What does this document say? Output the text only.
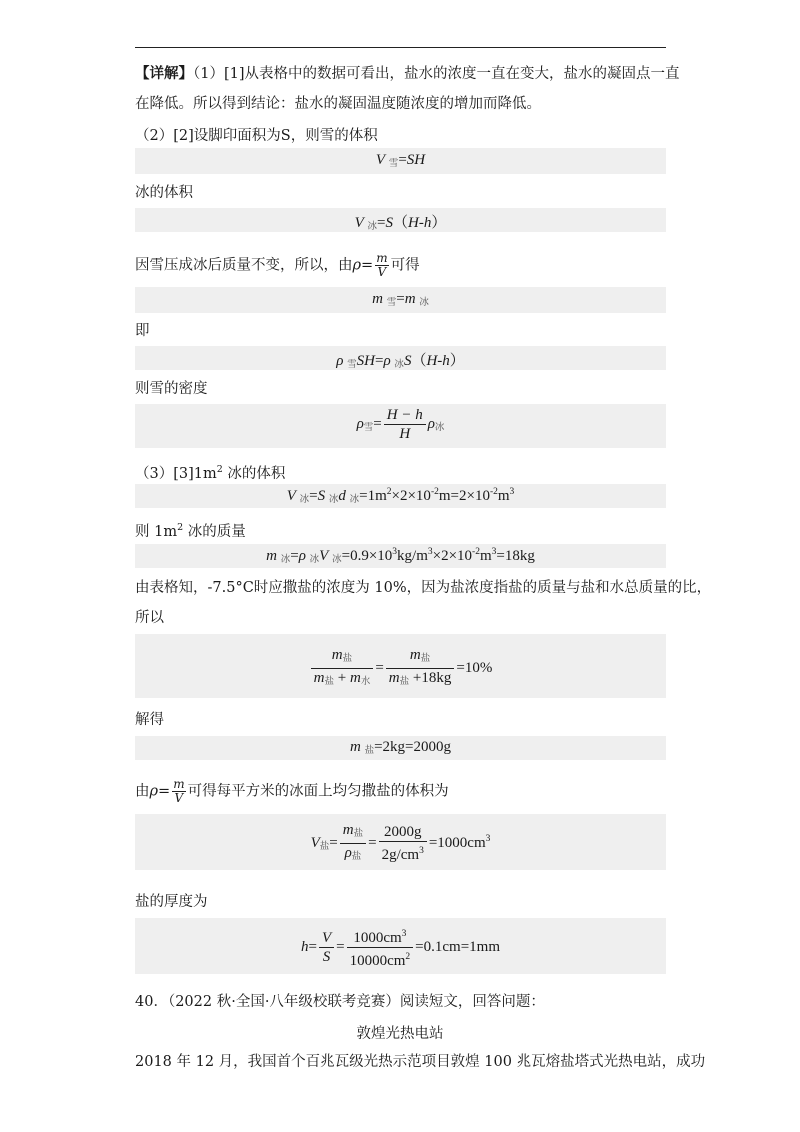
【详解】（1）[1]从表格中的数据可看出，盐水的浓度一直在变大，盐水的凝固点一直
在降低。所以得到结论：盐水的凝固温度随浓度的增加而降低。
（2）[2]设脚印面积为S，则雪的体积
V $_雪$=SH
冰的体积
V $_冰$=S（H-h）
因雪压成冰后质量不变，所以，由$\rho= \frac{m}{V}$ 可得
m $_雪$=m $_冰$
即
ρ $_雪$SH=ρ $_冰$S（H-h）
则雪的密度
$\rho_雪= \frac{H - h}{H} \rho_冰$
$(3)[3]1m^2$ 冰的体积
V $_冰$=S $_冰$d $_冰=1m^2\times 2\times 10^{-2}m=2\times 10^{-2}m^3$
则 $1m^2$ 冰的质量
m $_冰$=ρ $_冰$V $_冰=0.9\times 10^3kg/m^3\times 2\times 10^{-2}m^3=18kg$
由表格知，-7.5°C时应撒盐的浓度为 10%，因为盐浓度指盐的质量与盐和水总质量的比，
所以
$\frac{m_盐}{m_盐 + m_水} = \frac{m_盐}{m_盐 +18kg} =10\%$
解得
m $_盐$=2kg=2000g
由$\rho= \frac{m}{V}$ 可得每平方米的冰面上均匀撒盐的体积为
$V_盐= \frac{m_盐}{\rho_盐} = \frac{2000g}{2g/cm^3} =1000cm^3$
盐的厚度为
$h= \frac{V}{S} = \frac{1000cm^3}{10000cm^2} =0.1cm=1mm$
40．（2022 秋·全国·八年级校联考竞赛）阅读短文，回答问题：
敦煌光热电站
2018 年 12 月，我国首个百兆瓦级光热示范项目敦煌 100 兆瓦熔盐塔式光热电站，成功
